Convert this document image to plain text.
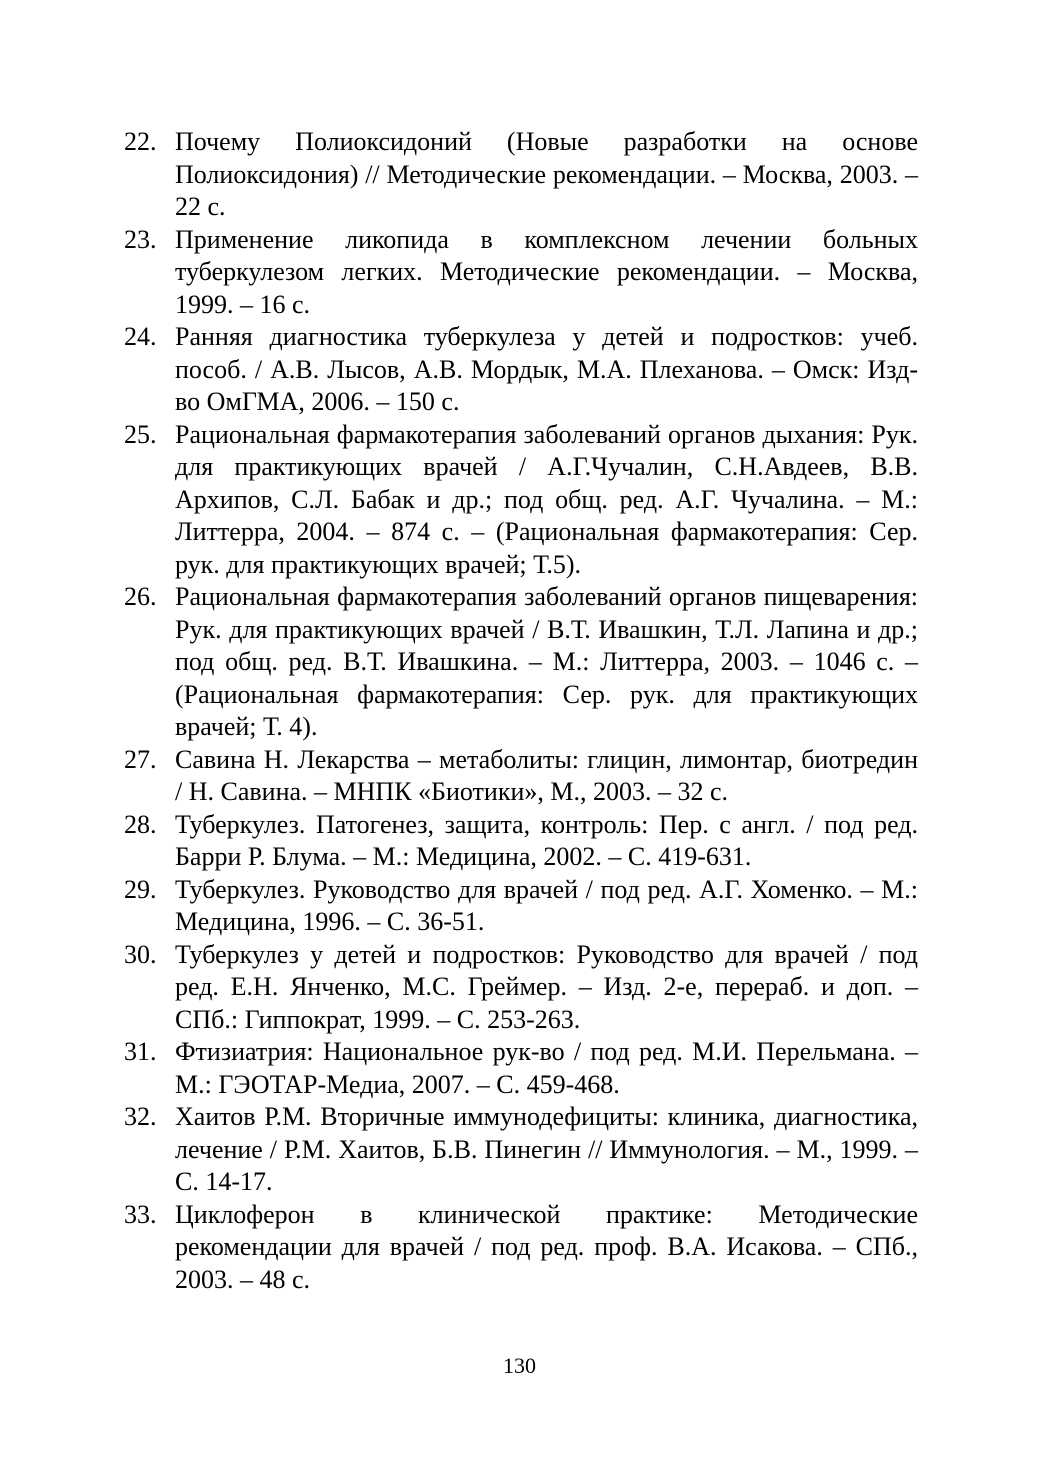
22. Почему Полиоксидоний (Новые разработки на основе Полиоксидония) // Методические рекомендации. – Москва, 2003. – 22 с.
23. Применение ликопида в комплексном лечении больных туберкулезом легких. Методические рекомендации. – Москва, 1999. – 16 с.
24. Ранняя диагностика туберкулеза у детей и подростков: учеб. пособ. / А.В. Лысов, А.В. Мордык, М.А. Плеханова. – Омск: Изд-во ОмГМА, 2006. – 150 с.
25. Рациональная фармакотерапия заболеваний органов дыхания: Рук. для практикующих врачей / А.Г.Чучалин, С.Н.Авдеев, В.В. Архипов, С.Л. Бабак и др.; под общ. ред. А.Г. Чучалина. – М.: Литтерра, 2004. – 874 с. – (Рациональная фармакотерапия: Сер. рук. для практикующих врачей; Т.5).
26. Рациональная фармакотерапия заболеваний органов пищеварения: Рук. для практикующих врачей / В.Т. Ивашкин, Т.Л. Лапина и др.; под общ. ред. В.Т. Ивашкина. – М.: Литтерра, 2003. – 1046 с. – (Рациональная фармакотерапия: Сер. рук. для практикующих врачей; Т. 4).
27. Савина Н. Лекарства – метаболиты: глицин, лимонтар, биотредин / Н. Савина. – МНПК «Биотики», М., 2003. – 32 с.
28. Туберкулез. Патогенез, защита, контроль: Пер. с англ. / под ред. Барри Р. Блума. – М.: Медицина, 2002. – С. 419-631.
29. Туберкулез. Руководство для врачей / под ред. А.Г. Хоменко. – М.: Медицина, 1996. – С. 36-51.
30. Туберкулез у детей и подростков: Руководство для врачей / под ред. Е.Н. Янченко, М.С. Греймер. – Изд. 2-е, перераб. и доп. – СПб.: Гиппократ, 1999. – С. 253-263.
31. Фтизиатрия: Национальное рук-во / под ред. М.И. Перельмана. – М.: ГЭОТАР-Медиа, 2007. – С. 459-468.
32. Хаитов Р.М. Вторичные иммунодефициты: клиника, диагностика, лечение / Р.М. Хаитов, Б.В. Пинегин // Иммунология. – М., 1999. – С. 14-17.
33. Циклоферон в клинической практике: Методические рекомендации для врачей / под ред. проф. В.А. Исакова. – СПб., 2003. – 48 с.
130
